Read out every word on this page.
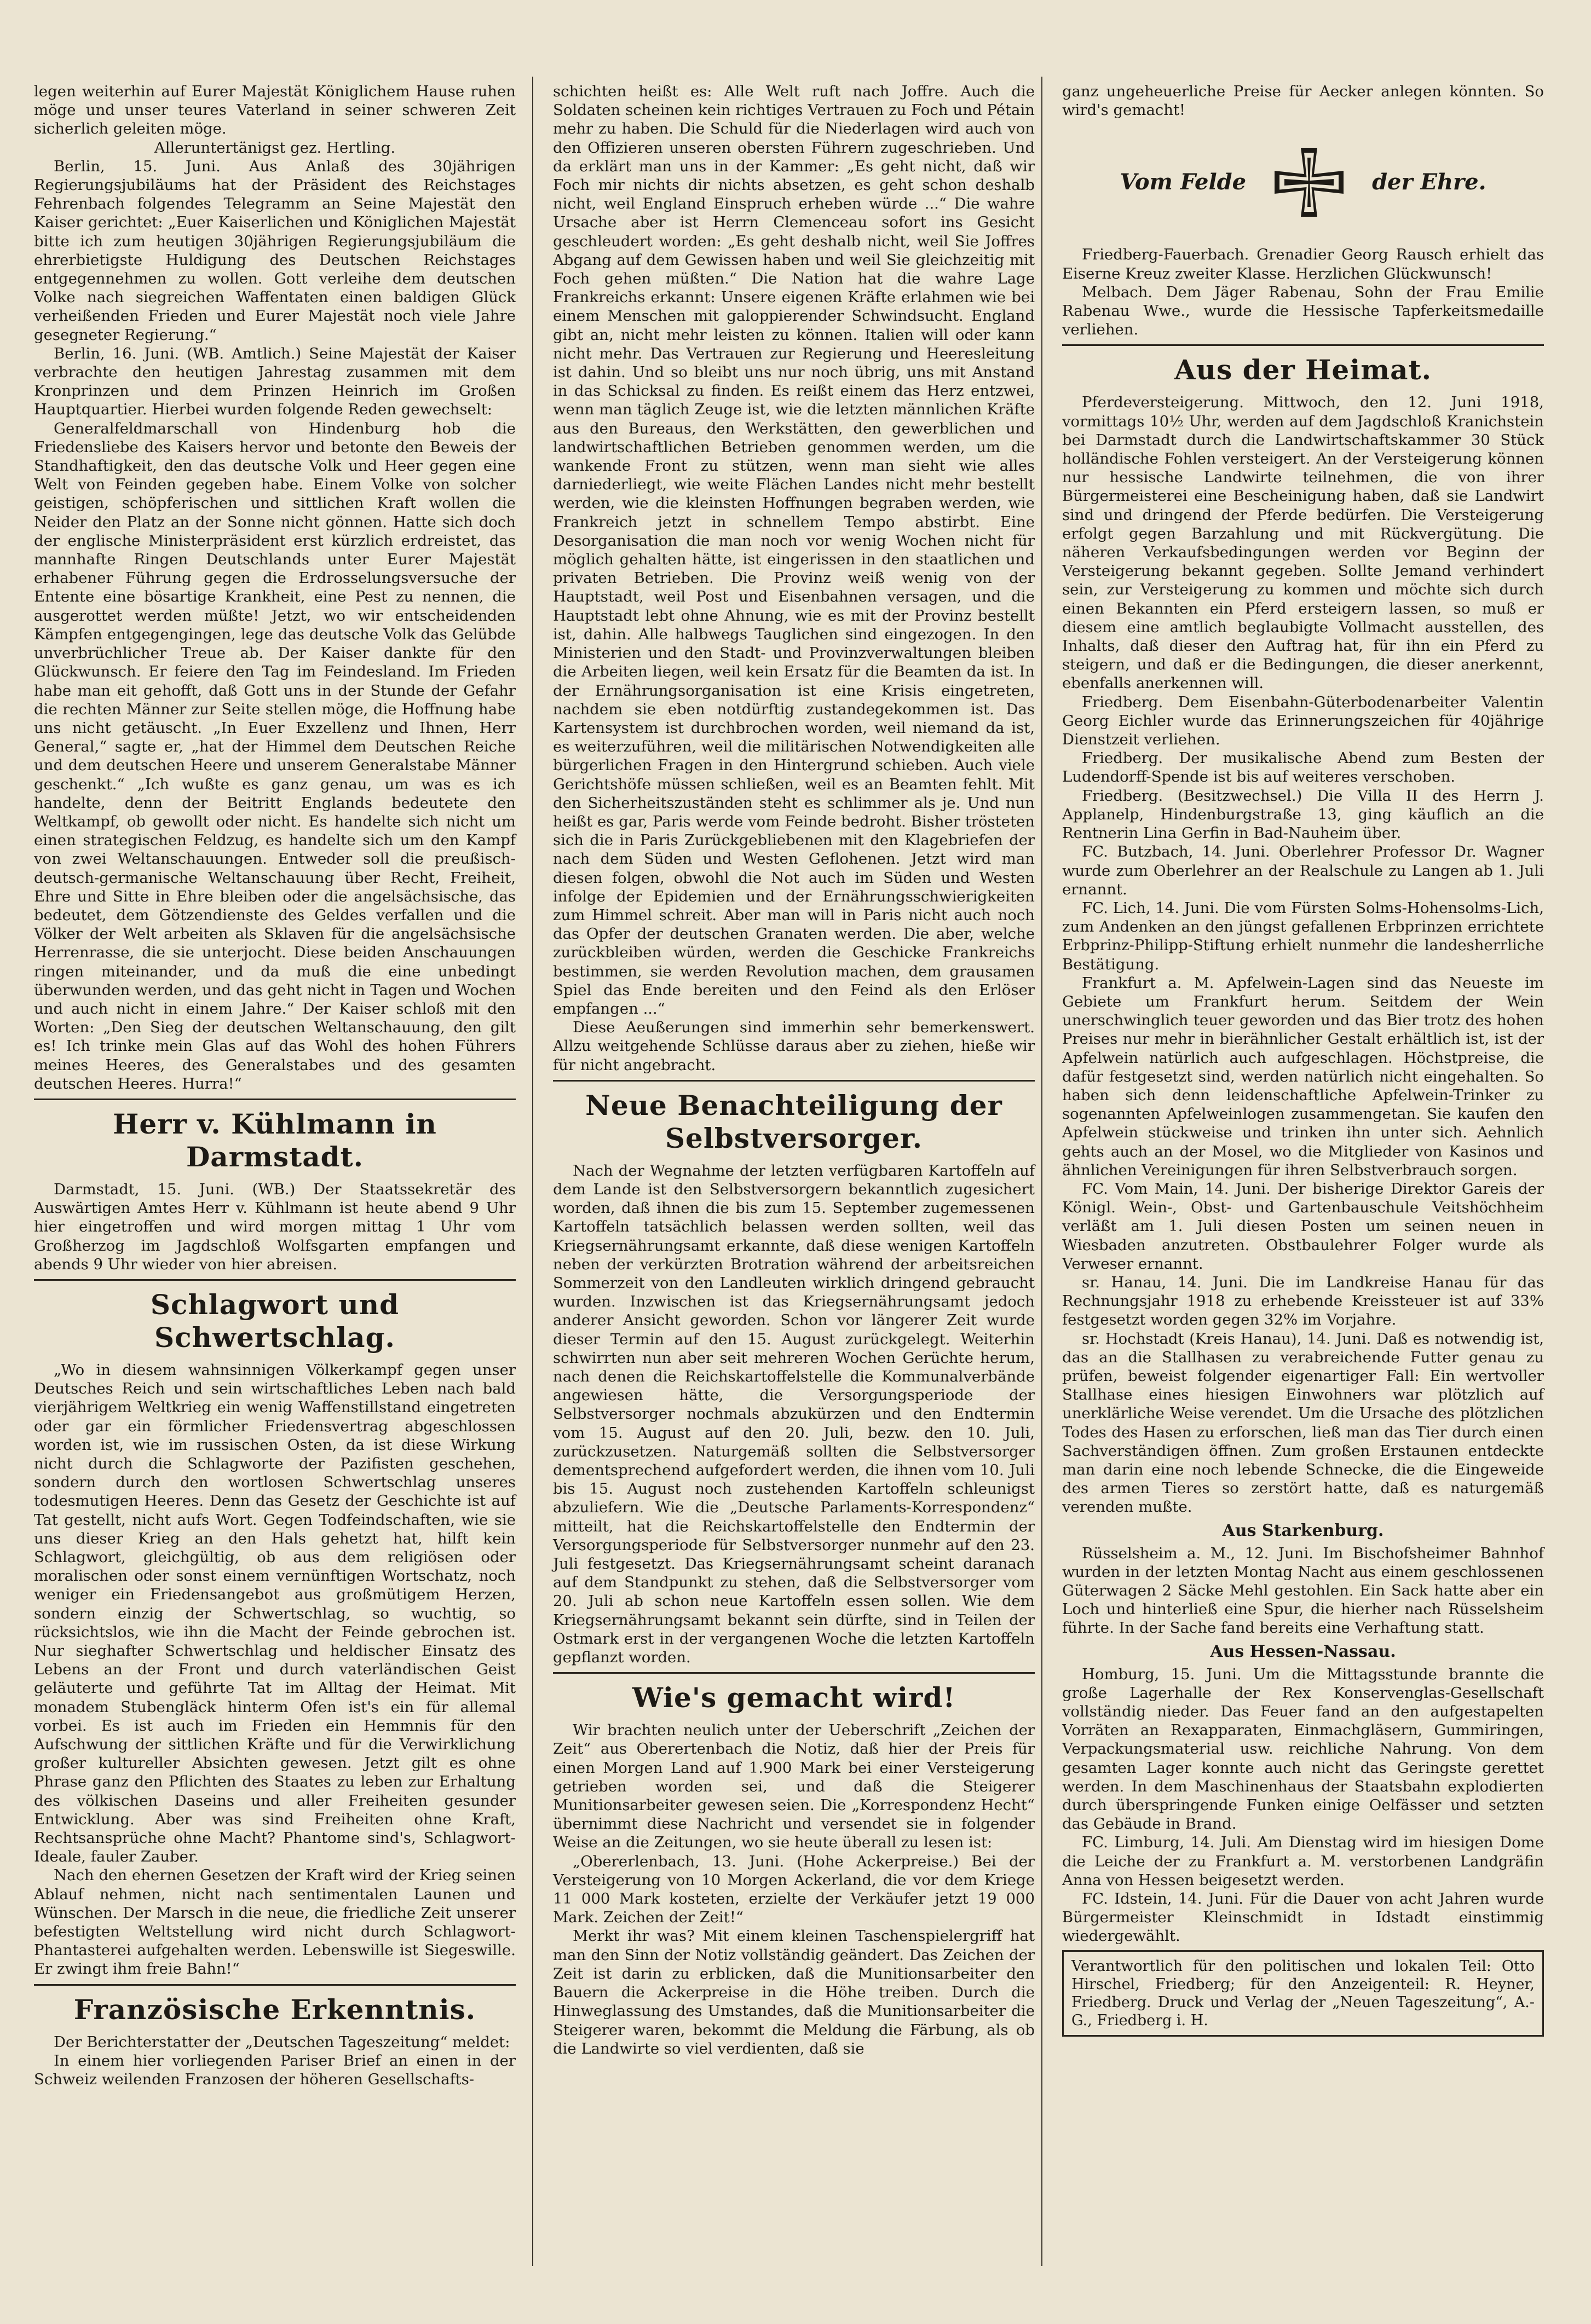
legen weiterhin auf Eurer Majestät Königlichem Hause ruhen möge und unser teures Vaterland in seiner schweren Zeit sicherlich geleiten möge.

Alleruntertänigst gez. Hertling.

Berlin, 15. Juni. Aus Anlaß des 30jährigen Regierungsjubiläums hat der Präsident des Reichstages Fehrenbach folgendes Telegramm an Seine Majestät den Kaiser gerichtet: „Euer Kaiserlichen und Königlichen Majestät bitte ich zum heutigen 30jährigen Regierungsjubiläum die ehrerbietigste Huldigung des Deutschen Reichstages entgegennehmen zu wollen. Gott verleihe dem deutschen Volke nach siegreichen Waffentaten einen baldigen Glück verheißenden Frieden und Eurer Majestät noch viele Jahre gesegneter Regierung.“

Berlin, 16. Juni. (WB. Amtlich.) Seine Majestät der Kaiser verbrachte den heutigen Jahrestag zusammen mit dem Kronprinzen und dem Prinzen Heinrich im Großen Hauptquartier. Hierbei wurden folgende Reden gewechselt:

Generalfeldmarschall von Hindenburg hob die Friedensliebe des Kaisers hervor und betonte den Beweis der Standhaftigkeit, den das deutsche Volk und Heer gegen eine Welt von Feinden gegeben habe. Einem Volke von solcher geistigen, schöpferischen und sittlichen Kraft wollen die Neider den Platz an der Sonne nicht gönnen. Hatte sich doch der englische Ministerpräsident erst kürzlich erdreistet, das mannhafte Ringen Deutschlands unter Eurer Majestät erhabener Führung gegen die Erdrosselungsversuche der Entente eine bösartige Krankheit, eine Pest zu nennen, die ausgerottet werden müßte! Jetzt, wo wir entscheidenden Kämpfen entgegengingen, lege das deutsche Volk das Gelübde unverbrüchlicher Treue ab. Der Kaiser dankte für den Glückwunsch. Er feiere den Tag im Feindesland. Im Frieden habe man eit gehofft, daß Gott uns in der Stunde der Gefahr die rechten Männer zur Seite stellen möge, die Hoffnung habe uns nicht getäuscht. „In Euer Exzellenz und Ihnen, Herr General,“ sagte er, „hat der Himmel dem Deutschen Reiche und dem deutschen Heere und unserem Generalstabe Männer geschenkt.“ „Ich wußte es ganz genau, um was es ich handelte, denn der Beitritt Englands bedeutete den Weltkampf, ob gewollt oder nicht. Es handelte sich nicht um einen strategischen Feldzug, es handelte sich um den Kampf von zwei Weltanschauungen. Entweder soll die preußisch-deutsch-germanische Weltanschauung über Recht, Freiheit, Ehre und Sitte in Ehre bleiben oder die angelsächsische, das bedeutet, dem Götzendienste des Geldes verfallen und die Völker der Welt arbeiten als Sklaven für die angelsächsische Herrenrasse, die sie unterjocht. Diese beiden Anschauungen ringen miteinander, und da muß die eine unbedingt überwunden werden, und das geht nicht in Tagen und Wochen und auch nicht in einem Jahre.“ Der Kaiser schloß mit den Worten: „Den Sieg der deutschen Weltanschauung, den gilt es! Ich trinke mein Glas auf das Wohl des hohen Führers meines Heeres, des Generalstabes und des gesamten deutschen Heeres. Hurra!“

Herr v. Kühlmann in Darmstadt.

Darmstadt, 15. Juni. (WB.) Der Staatssekretär des Auswärtigen Amtes Herr v. Kühlmann ist heute abend 9 Uhr hier eingetroffen und wird morgen mittag 1 Uhr vom Großherzog im Jagdschloß Wolfsgarten empfangen und abends 9 Uhr wieder von hier abreisen.

Schlagwort und Schwertschlag.

„Wo in diesem wahnsinnigen Völkerkampf gegen unser Deutsches Reich und sein wirtschaftliches Leben nach bald vierjährigem Weltkrieg ein wenig Waffenstillstand eingetreten oder gar ein förmlicher Friedensvertrag abgeschlossen worden ist, wie im russischen Osten, da ist diese Wirkung nicht durch die Schlagworte der Pazifisten geschehen, sondern durch den wortlosen Schwertschlag unseres todesmutigen Heeres. Denn das Gesetz der Geschichte ist auf Tat gestellt, nicht aufs Wort. Gegen Todfeindschaften, wie sie uns dieser Krieg an den Hals gehetzt hat, hilft kein Schlagwort, gleichgültig, ob aus dem religiösen oder moralischen oder sonst einem vernünftigen Wortschatz, noch weniger ein Friedensangebot aus großmütigem Herzen, sondern einzig der Schwertschlag, so wuchtig, so rücksichtslos, wie ihn die Macht der Feinde gebrochen ist. Nur sieghafter Schwertschlag und heldischer Einsatz des Lebens an der Front und durch vaterländischen Geist geläuterte und geführte Tat im Alltag der Heimat. Mit monadem Stubengläck hinterm Ofen ist's ein für allemal vorbei. Es ist auch im Frieden ein Hemmnis für den Aufschwung der sittlichen Kräfte und für die Verwirklichung großer kultureller Absichten gewesen. Jetzt gilt es ohne Phrase ganz den Pflichten des Staates zu leben zur Erhaltung des völkischen Daseins und aller Freiheiten gesunder Entwicklung. Aber was sind Freiheiten ohne Kraft, Rechtsansprüche ohne Macht? Phantome sind's, Schlagwort-Ideale, fauler Zauber.

Nach den ehernen Gesetzen der Kraft wird der Krieg seinen Ablauf nehmen, nicht nach sentimentalen Launen und Wünschen. Der Marsch in die neue, die friedliche Zeit unserer befestigten Weltstellung wird nicht durch Schlagwort-Phantasterei aufgehalten werden. Lebenswille ist Siegeswille. Er zwingt ihm freie Bahn!“

Französische Erkenntnis.

Der Berichterstatter der „Deutschen Tageszeitung“ meldet:

In einem hier vorliegenden Pariser Brief an einen in der Schweiz weilenden Franzosen der höheren Gesellschafts-

schichten heißt es: Alle Welt ruft nach Joffre. Auch die Soldaten scheinen kein richtiges Vertrauen zu Foch und Pétain mehr zu haben. Die Schuld für die Niederlagen wird auch von den Offizieren unseren obersten Führern zugeschrieben. Und da erklärt man uns in der Kammer: „Es geht nicht, daß wir Foch mir nichts dir nichts absetzen, es geht schon deshalb nicht, weil England Einspruch erheben würde ...“ Die wahre Ursache aber ist Herrn Clemenceau sofort ins Gesicht geschleudert worden: „Es geht deshalb nicht, weil Sie Joffres Abgang auf dem Gewissen haben und weil Sie gleichzeitig mit Foch gehen müßten.“ Die Nation hat die wahre Lage Frankreichs erkannt: Unsere eigenen Kräfte erlahmen wie bei einem Menschen mit galoppierender Schwindsucht. England gibt an, nicht mehr leisten zu können. Italien will oder kann nicht mehr. Das Vertrauen zur Regierung und Heeresleitung ist dahin. Und so bleibt uns nur noch übrig, uns mit Anstand in das Schicksal zu finden. Es reißt einem das Herz entzwei, wenn man täglich Zeuge ist, wie die letzten männlichen Kräfte aus den Bureaus, den Werkstätten, den gewerblichen und landwirtschaftlichen Betrieben genommen werden, um die wankende Front zu stützen, wenn man sieht wie alles darniederliegt, wie weite Flächen Landes nicht mehr bestellt werden, wie die kleinsten Hoffnungen begraben werden, wie Frankreich jetzt in schnellem Tempo abstirbt. Eine Desorganisation die man noch vor wenig Wochen nicht für möglich gehalten hätte, ist eingerissen in den staatlichen und privaten Betrieben. Die Provinz weiß wenig von der Hauptstadt, weil Post und Eisenbahnen versagen, und die Hauptstadt lebt ohne Ahnung, wie es mit der Provinz bestellt ist, dahin. Alle halbwegs Tauglichen sind eingezogen. In den Ministerien und den Stadt- und Provinzverwaltungen bleiben die Arbeiten liegen, weil kein Ersatz für die Beamten da ist. In der Ernährungsorganisation ist eine Krisis eingetreten, nachdem sie eben notdürftig zustandegekommen ist. Das Kartensystem ist durchbrochen worden, weil niemand da ist, es weiterzuführen, weil die militärischen Notwendigkeiten alle bürgerlichen Fragen in den Hintergrund schieben. Auch viele Gerichtshöfe müssen schließen, weil es an Beamten fehlt. Mit den Sicherheitszuständen steht es schlimmer als je. Und nun heißt es gar, Paris werde vom Feinde bedroht. Bisher trösteten sich die in Paris Zurückgebliebenen mit den Klagebriefen der nach dem Süden und Westen Geflohenen. Jetzt wird man diesen folgen, obwohl die Not auch im Süden und Westen infolge der Epidemien und der Ernährungsschwierigkeiten zum Himmel schreit. Aber man will in Paris nicht auch noch das Opfer der deutschen Granaten werden. Die aber, welche zurückbleiben würden, werden die Geschicke Frankreichs bestimmen, sie werden Revolution machen, dem grausamen Spiel das Ende bereiten und den Feind als den Erlöser empfangen ...“

Diese Aeußerungen sind immerhin sehr bemerkenswert. Allzu weitgehende Schlüsse daraus aber zu ziehen, hieße wir für nicht angebracht.

Neue Benachteiligung der Selbstversorger.

Nach der Wegnahme der letzten verfügbaren Kartoffeln auf dem Lande ist den Selbstversorgern bekanntlich zugesichert worden, daß ihnen die bis zum 15. September zugemessenen Kartoffeln tatsächlich belassen werden sollten, weil das Kriegsernährungsamt erkannte, daß diese wenigen Kartoffeln neben der verkürzten Brotration während der arbeitsreichen Sommerzeit von den Landleuten wirklich dringend gebraucht wurden. Inzwischen ist das Kriegsernährungsamt jedoch anderer Ansicht geworden. Schon vor längerer Zeit wurde dieser Termin auf den 15. August zurückgelegt. Weiterhin schwirrten nun aber seit mehreren Wochen Gerüchte herum, nach denen die Reichskartoffelstelle die Kommunalverbände angewiesen hätte, die Versorgungsperiode der Selbstversorger nochmals abzukürzen und den Endtermin vom 15. August auf den 20. Juli, bezw. den 10. Juli, zurückzusetzen. Naturgemäß sollten die Selbstversorger dementsprechend aufgefordert werden, die ihnen vom 10. Juli bis 15. August noch zustehenden Kartoffeln schleunigst abzuliefern. Wie die „Deutsche Parlaments-Korrespondenz“ mitteilt, hat die Reichskartoffelstelle den Endtermin der Versorgungsperiode für Selbstversorger nunmehr auf den 23. Juli festgesetzt. Das Kriegsernährungsamt scheint daranach auf dem Standpunkt zu stehen, daß die Selbstversorger vom 20. Juli ab schon neue Kartoffeln essen sollen. Wie dem Kriegsernährungsamt bekannt sein dürfte, sind in Teilen der Ostmark erst in der vergangenen Woche die letzten Kartoffeln gepflanzt worden.

Wie's gemacht wird!

Wir brachten neulich unter der Ueberschrift „Zeichen der Zeit“ aus Oberertenbach die Notiz, daß hier der Preis für einen Morgen Land auf 1.900 Mark bei einer Versteigerung getrieben worden sei, und daß die Steigerer Munitionsarbeiter gewesen seien. Die „Korrespondenz Hecht“ übernimmt diese Nachricht und versendet sie in folgender Weise an die Zeitungen, wo sie heute überall zu lesen ist:

„Obererlenbach, 13. Juni. (Hohe Ackerpreise.) Bei der Versteigerung von 10 Morgen Ackerland, die vor dem Kriege 11 000 Mark kosteten, erzielte der Verkäufer jetzt 19 000 Mark. Zeichen der Zeit!“

Merkt ihr was? Mit einem kleinen Taschenspielergriff hat man den Sinn der Notiz vollständig geändert. Das Zeichen der Zeit ist darin zu erblicken, daß die Munitionsarbeiter den Bauern die Ackerpreise in die Höhe treiben. Durch die Hinweglassung des Umstandes, daß die Munitionsarbeiter die Steigerer waren, bekommt die Meldung die Färbung, als ob die Landwirte so viel verdienten, daß sie

ganz ungeheuerliche Preise für Aecker anlegen könnten. So wird's gemacht!

Vom Felde	der Ehre.

Friedberg-Fauerbach. Grenadier Georg Rausch erhielt das Eiserne Kreuz zweiter Klasse. Herzlichen Glückwunsch!

Melbach. Dem Jäger Rabenau, Sohn der Frau Emilie Rabenau Wwe., wurde die Hessische Tapferkeitsmedaille verliehen.

Aus der Heimat.

Pferdeversteigerung. Mittwoch, den 12. Juni 1918, vormittags 10½ Uhr, werden auf dem Jagdschloß Kranichstein bei Darmstadt durch die Landwirtschaftskammer 30 Stück holländische Fohlen versteigert. An der Versteigerung können nur hessische Landwirte teilnehmen, die von ihrer Bürgermeisterei eine Bescheinigung haben, daß sie Landwirt sind und dringend der Pferde bedürfen. Die Versteigerung erfolgt gegen Barzahlung und mit Rückvergütung. Die näheren Verkaufsbedingungen werden vor Beginn der Versteigerung bekannt gegeben. Sollte Jemand verhindert sein, zur Versteigerung zu kommen und möchte sich durch einen Bekannten ein Pferd ersteigern lassen, so muß er diesem eine amtlich beglaubigte Vollmacht ausstellen, des Inhalts, daß dieser den Auftrag hat, für ihn ein Pferd zu steigern, und daß er die Bedingungen, die dieser anerkennt, ebenfalls anerkennen will.

Friedberg. Dem Eisenbahn-Güterbodenarbeiter Valentin Georg Eichler wurde das Erinnerungszeichen für 40jährige Dienstzeit verliehen.

Friedberg. Der musikalische Abend zum Besten der Ludendorff-Spende ist bis auf weiteres verschoben.

Friedberg. (Besitzwechsel.) Die Villa II des Herrn J. Applanelp, Hindenburgstraße 13, ging käuflich an die Rentnerin Lina Gerfin in Bad-Nauheim über.

FC. Butzbach, 14. Juni. Oberlehrer Professor Dr. Wagner wurde zum Oberlehrer an der Realschule zu Langen ab 1. Juli ernannt.

FC. Lich, 14. Juni. Die vom Fürsten Solms-Hohensolms-Lich, zum Andenken an den jüngst gefallenen Erbprinzen errichtete Erbprinz-Philipp-Stiftung erhielt nunmehr die landesherrliche Bestätigung.

Frankfurt a. M. Apfelwein-Lagen sind das Neueste im Gebiete um Frankfurt herum. Seitdem der Wein unerschwinglich teuer geworden und das Bier trotz des hohen Preises nur mehr in bierähnlicher Gestalt erhältlich ist, ist der Apfelwein natürlich auch aufgeschlagen. Höchstpreise, die dafür festgesetzt sind, werden natürlich nicht eingehalten. So haben sich denn leidenschaftliche Apfelwein-Trinker zu sogenannten Apfelweinlogen zusammengetan. Sie kaufen den Apfelwein stückweise und trinken ihn unter sich. Aehnlich gehts auch an der Mosel, wo die Mitglieder von Kasinos und ähnlichen Vereinigungen für ihren Selbstverbrauch sorgen.

FC. Vom Main, 14. Juni. Der bisherige Direktor Gareis der Königl. Wein-, Obst- und Gartenbauschule Veitshöchheim verläßt am 1. Juli diesen Posten um seinen neuen in Wiesbaden anzutreten. Obstbaulehrer Folger wurde als Verweser ernannt.

sr. Hanau, 14. Juni. Die im Landkreise Hanau für das Rechnungsjahr 1918 zu erhebende Kreissteuer ist auf 33% festgesetzt worden gegen 32% im Vorjahre.

sr. Hochstadt (Kreis Hanau), 14. Juni. Daß es notwendig ist, das an die Stallhasen zu verabreichende Futter genau zu prüfen, beweist folgender eigenartiger Fall: Ein wertvoller Stallhase eines hiesigen Einwohners war plötzlich auf unerklärliche Weise verendet. Um die Ursache des plötzlichen Todes des Hasen zu erforschen, ließ man das Tier durch einen Sachverständigen öffnen. Zum großen Erstaunen entdeckte man darin eine noch lebende Schnecke, die die Eingeweide des armen Tieres so zerstört hatte, daß es naturgemäß verenden mußte.

Aus Starkenburg.

Rüsselsheim a. M., 12. Juni. Im Bischofsheimer Bahnhof wurden in der letzten Montag Nacht aus einem geschlossenen Güterwagen 2 Säcke Mehl gestohlen. Ein Sack hatte aber ein Loch und hinterließ eine Spur, die hierher nach Rüsselsheim führte. In der Sache fand bereits eine Verhaftung statt.

Aus Hessen-Nassau.

Homburg, 15. Juni. Um die Mittagsstunde brannte die große Lagerhalle der Rex Konservenglas-Gesellschaft vollständig nieder. Das Feuer fand an den aufgestapelten Vorräten an Rexapparaten, Einmachgläsern, Gummiringen, Verpackungsmaterial usw. reichliche Nahrung. Von dem gesamten Lager konnte auch nicht das Geringste gerettet werden. In dem Maschinenhaus der Staatsbahn explodierten durch überspringende Funken einige Oelfässer und setzten das Gebäude in Brand.

FC. Limburg, 14. Juli. Am Dienstag wird im hiesigen Dome die Leiche der zu Frankfurt a. M. verstorbenen Landgräfin Anna von Hessen beigesetzt werden.

FC. Idstein, 14. Juni. Für die Dauer von acht Jahren wurde Bürgermeister Kleinschmidt in Idstadt einstimmig wiedergewählt.

Verantwortlich für den politischen und lokalen Teil: Otto Hirschel, Friedberg; für den Anzeigenteil: R. Heyner, Friedberg. Druck und Verlag der „Neuen Tageszeitung“, A.-G., Friedberg i. H.
